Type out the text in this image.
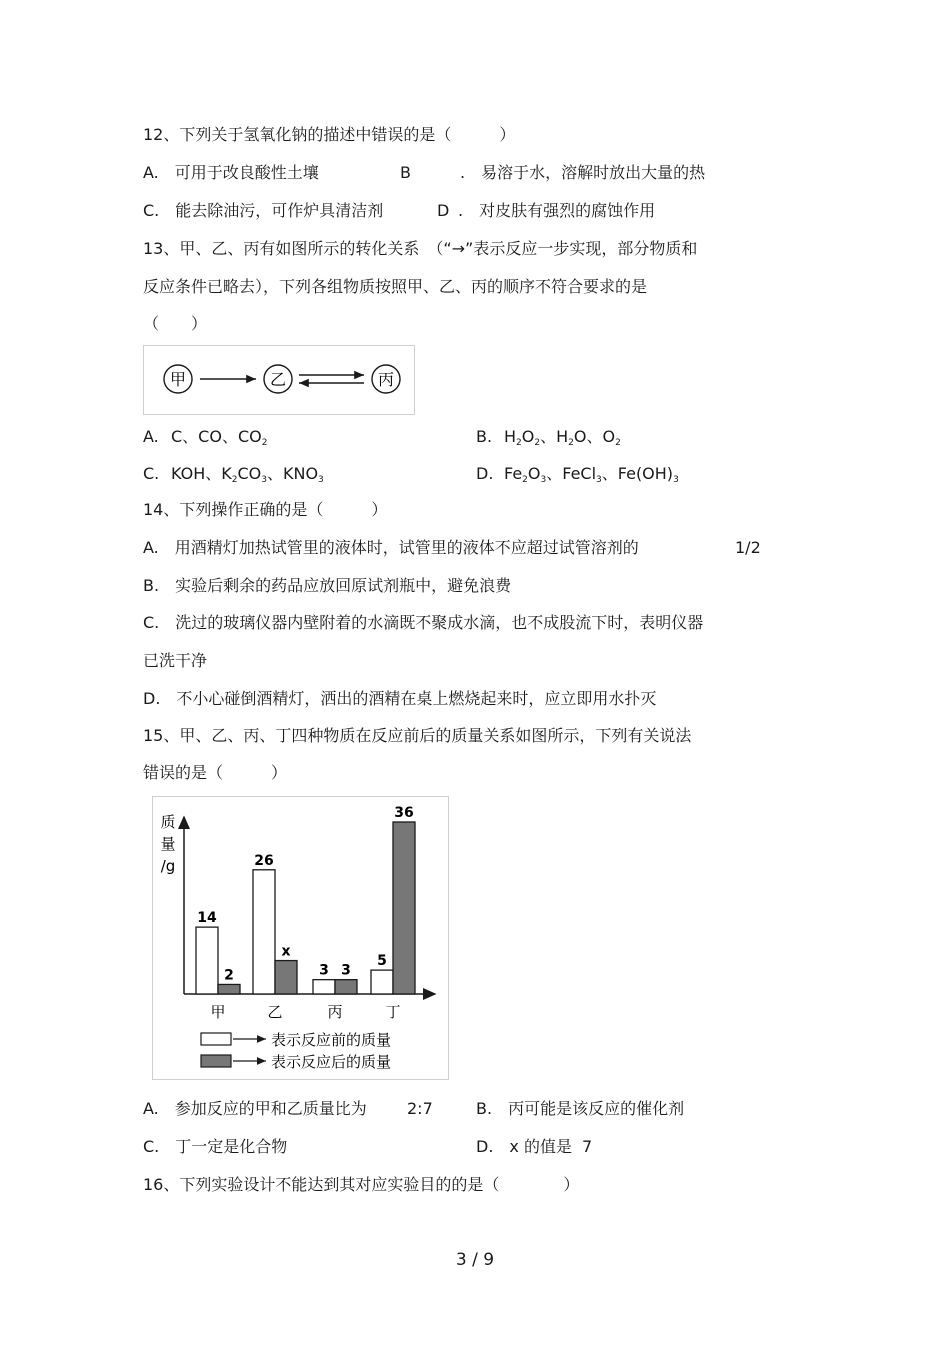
12、下列关于氢氧化钠的描述中错误的是（　　　）
A.　可用于改良酸性土壤	B	.　易溶于水，溶解时放出大量的热
C.　能去除油污，可作炉具清洁剂	D .　对皮肤有强烈的腐蚀作用
13、甲、乙、丙有如图所示的转化关系　（“→”表示反应一步实现，部分物质和
反应条件已略去），下列各组物质按照甲、乙、丙的顺序不符合要求的是
（　　）
甲	乙	丙
A. C、CO、$CO_2$	B. $H_2O_2$、$H_2O$、$O_2$
C. KOH、$K_2CO_3$、$KNO_3$	D. $Fe_2O_3$、FeCl$_3$、$Fe(OH)_3$
14、下列操作正确的是（　　　）
A.　用酒精灯加热试管里的液体时，试管里的液体不应超过试管溶剂的	1/2
B.　实验后剩余的药品应放回原试剂瓶中，避免浪费
C.　洗过的玻璃仪器内壁附着的水滴既不聚成水滴，也不成股流下时，表明仪器
已洗干净
D.　不小心碰倒酒精灯，洒出的酒精在桌上燃烧起来时，应立即用水扑灭
15、甲、乙、丙、丁四种物质在反应前后的质量关系如图所示，下列有关说法
错误的是（　　　）
质
量
/g
14
2
甲
26
x
乙
3 3
丙
5
36
丁
表示反应前的质量
表示反应后的质量
A.　参加反应的甲和乙质量比为	2:7	B.　丙可能是该反应的催化剂
C.　丁一定是化合物	D.　x 的值是 7
16、下列实验设计不能达到其对应实验目的的是（　　　　）
3 / 9
